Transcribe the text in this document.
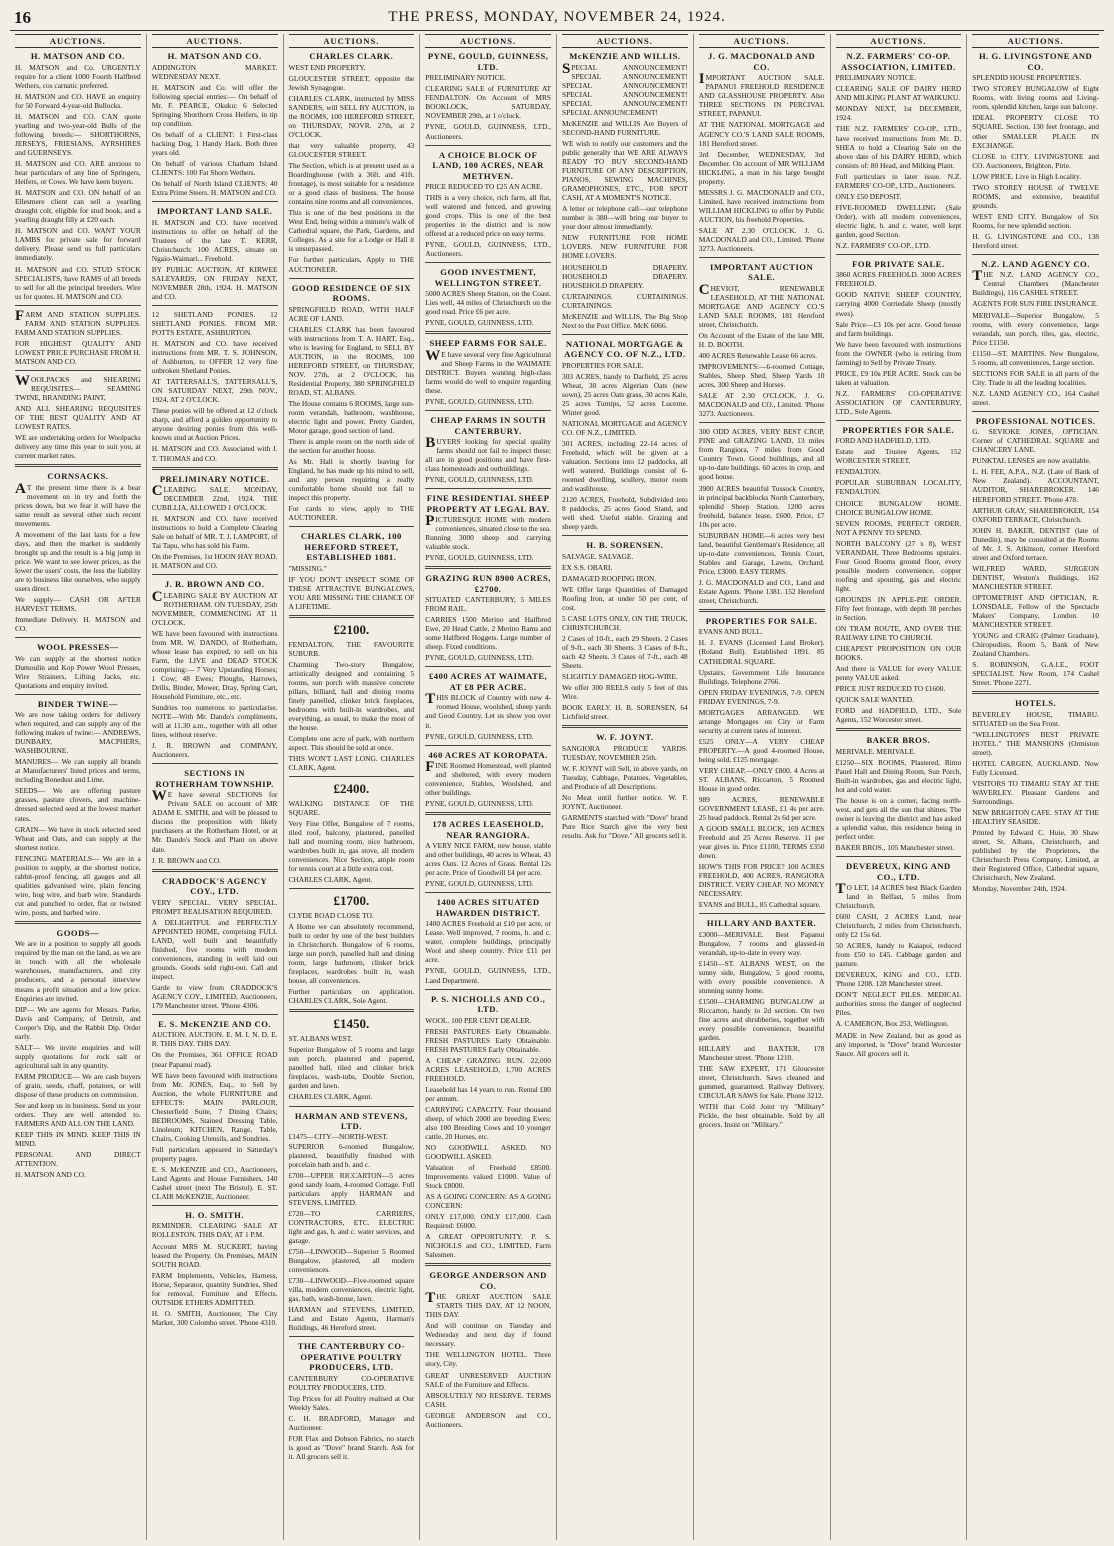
16	THE PRESS, MONDAY, NOVEMBER 24, 1924.
AUCTIONS.
H. MATSON AND CO.

H. MATSON and Co. URGENTLY require for a client 1000 Fourth Halfbred Wethers, cos carnatic preferred.

H. MATSON and CO. HAVE an enquiry for 50 Forward 4-year-old Bullocks.

H. MATSON and CO. CAN quote yearling and two-year-old Bulls of the following breeds:— SHORTHORNS, JERSEYS, FRIESIANS, AYRSHIRES and GUERNSEYS.

H. MATSON and CO. ARE anxious to hear particulars of any line of Springers, Heifers, or Cows. We have keen buyers.

H. MATSON and CO. ON behalf of an Ellesmere client can sell a yearling draught colt, eligible for stud book, and a yearling draught filly at £20 each.

H. MATSON and CO. WANT YOUR LAMBS for private sale for forward delivery. Please send us full particulars immediately.

H. MATSON and CO. STUD STOCK SPECIALISTS, have RAMS of all breeds to sell for all the principal breeders. Wire us for quotes. H. MATSON and CO.

FARM AND STATION SUPPLIES. FARM AND STATION SUPPLIES. FARM AND STATION SUPPLIES.

FOR HIGHEST QUALITY AND LOWEST PRICE PURCHASE FROM H. MATSON AND CO.

WOOLPACKS and SHEARING REQUISITES— SEAMING TWINE, BRANDING PAINT,

AND ALL SHEARING REQUISITES OF THE BEST QUALITY AND AT LOWEST RATES.

WE are undertaking orders for Woolpacks delivery any time this year to suit you, at current market rates.

CORNSACKS.

AT the present time there is a bear movement on in try and forth the prices down, but we fear it will have the same result as several other such recent movements.

A movement of the last lasts for a few days, and then the market is suddenly brought up and the result is a big jump in price. We want to see lower prices, as the lower the users' costs, the less the liability are to business like ourselves, who supply users direct.

We supply— CASH OR AFTER HARVEST TERMS.

Immediate Delivery. H. MATSON and CO.

WOOL PRESSES—

We can supply at the shortest notice Dumoulin and Kop Power Wool Presses, Wire Strainers, Lifting Jacks, etc. Quotations and enquiry invited.

BINDER TWINE—

We are now taking orders for delivery when required, and can supply any of the following makes of twine:— ANDREWS, DUNBARY, MACPHERS, WASHBOURNE.

MANURES— We can supply all brands at Manufacturers' listed prices and terms, including Bonedust and Lime.

SEEDS— We are offering pasture grasses, pasture clovers, and machine-dressed selected seed at the lowest market rates.

GRAIN— We have in stock selected seed Wheat and Oats, and can supply at the shortest notice.

FENCING MATERIALS— We are in a position to supply, at the shortest notice, rabbit-proof fencing, all gauges and all qualities galvanised wire, plain fencing wire, hog wire, and barb wire. Standards cut and punched to order, flat or twisted wire, posts, and barbed wire.

GOODS—

We are in a position to supply all goods required by the man on the land, as we are in touch with all the wholesale warehouses, manufacturers, and city producers, and a personal interview means a profit situation and a low price. Enquiries are invited.

DIP— We are agents for Messrs. Parke, Davis and Company, of Detroit, and Cooper's Dip, and the Rabbit Dip. Order early.

SALT— We invite enquiries and will supply quotations for rock salt or agricultural salt in any quantity.

FARM PRODUCE— We are cash buyers of grain, seeds, chaff, potatoes, or will dispose of these products on commission.

See and keep us in business. Send us your orders. They are well attended to. FARMERS AND ALL ON THE LAND.

KEEP THIS IN MIND. KEEP THIS IN MIND.

PERSONAL AND DIRECT ATTENTION.

H. MATSON AND CO.

AUCTIONS.
H. MATSON AND CO.

ADDINGTON MARKET. WEDNESDAY NEXT.

H. MATSON and Co. will offer the following special entries:— On behalf of Mr. F. PEARCE, Okuku: 6 Selected Springing Shorthorn Cross Heifers, in tip top condition.

On behalf of a CLIENT: 1 First-class backing Dog, 1 Handy Hack. Both three years old.

On behalf of various Chatham Island CLIENTS: 100 Fat Shorn Wethers.

On behalf of North Island CLIENTS: 40 Extra Prime Steers. H. MATSON and CO.

IMPORTANT LAND SALE.

H. MATSON and CO. have received instructions to offer on behalf of the Trustees of the late T. KERR, Christchurch: 100 ACRES, situate on Ngaio-Waimari... Freehold.

BY PUBLIC AUCTION, AT KIRWEE SALEYARDS, ON FRIDAY NEXT, NOVEMBER 28th, 1924. H. MATSON and CO.

12 SHETLAND PONIES. 12 SHETLAND PONIES. FROM MR. POTTS ESTATE, ASHBURTON.

H. MATSON and CO. have received instructions from MR. T. S. JOHNSON, of Ashburton, to OFFER 12 very fine unbroken Shetland Ponies.

AT TATTERSALL'S, TATTERSALL'S, ON SATURDAY NEXT, 29th NOV., 1924, AT 2 O'CLOCK.

These ponies will be offered at 12 o'clock sharp, and afford a golden opportunity to anyone desiring ponies from this well-known stud at Auction Prices.

H. MATSON and CO. Associated with J. T. THOMAS and CO.

PRELIMINARY NOTICE.

CLEARING SALE. MONDAY, DECEMBER 22nd, 1924. THE CUBILLIA, ALLOWED 1 O'CLOCK.

H. MATSON and CO. have received instructions to hold a Complete Clearing Sale on behalf of MR. T. J. LAMPORT, of Tai Tapu, who has sold his Farm.

On the Premises, 1st HOON HAY ROAD. H. MATSON and CO.

J. R. BROWN AND CO.

CLEARING SALE BY AUCTION AT ROTHERHAM. ON TUESDAY, 25th NOVEMBER, COMMENCING AT 11 O'CLOCK.

WE have been favoured with instructions from MR. W. DANDO, of Rotherham, whose lease has expired, to sell on his Farm, the LIVE and DEAD STOCK comprising:— 7 Very Upstanding Horses; 1 Cow; 48 Ewes; Ploughs, Harrows, Drills, Binder, Mower, Dray, Spring Cart, Household Furniture, etc., etc.

Sundries too numerous to particularise. NOTE—With Mr. Dando's compliments, will at 11.30 a.m., together with all other lines, without reserve.

J. R. BROWN and COMPANY, Auctioneers.

SECTIONS IN ROTHERHAM TOWNSHIP.

WE have several SECTIONS for Private SALE on account of MR ADAM E. SMITH, and will be pleased to discuss the proposition with likely purchasers at the Rotherham Hotel, or at Mr. Dando's Stock and Plant on above date.

J. R. BROWN and CO.

CRADDOCK'S AGENCY COY., LTD.

VERY SPECIAL. VERY SPECIAL. PROMPT REALISATION REQUIRED.

A DELIGHTFUL and PERFECTLY APPOINTED HOME, comprising FULL LAND, well built and beautifully finished, five rooms with modern conveniences, standing in well laid out grounds. Goods sold right-out. Call and inspect.

Garde to view from CRADDOCK'S AGENCY COY., LIMITED, Auctioneers, 179 Manchester street. 'Phone 4306.

E. S. McKENZIE AND CO.

AUCTION. AUCTION. E. M. I. N. D. E. R. THIS DAY. THIS DAY.

On the Premises, 361 OFFICE ROAD (near Papanui road).

WE have been favoured with instructions from Mr. JONES, Esq., to Sell by Auction, the whole FURNITURE and EFFECTS: MAIN PARLOUR, Chesterfield Suite, 7 Dining Chairs; BEDROOMS, Stained Dressing Table, Linoleum; KITCHEN, Range, Table, Chairs, Cooking Utensils, and Sundries.

Full particulars appeared in Saturday's property pages.

E. S. McKENZIE and CO., Auctioneers, Land Agents and House Furnishers, 140 Cashel street (next The Bristol). E. ST. CLAIR McKENZIE, Auctioneer.

H. O. SMITH.

REMINDER. CLEARING SALE AT ROLLESTON. THIS DAY, AT 1 P.M.

Account MRS M. SUCKERT, having leased the Property. On Premises, MAIN SOUTH ROAD.

FARM Implements, Vehicles, Harness, Horse, Separator, quantity Sundries, Shed for removal, Furniture and Effects. OUTSIDE ETHERS ADMITTED.

H. O. SMITH, Auctioneer, The City Market, 300 Colombo street. 'Phone 4310.

AUCTIONS.
CHARLES CLARK.

WEST END PROPERTY.

GLOUCESTER STREET, opposite the Jewish Synagogue.

CHARLES CLARK, instructed by MISS SANDERS, will SELL BY AUCTION, in the ROOMS, 100 HEREFORD STREET, on THURSDAY, NOVR. 27th, at 2 O'CLOCK.

that very valuable property, 43 GLOUCESTER STREET.

The Section, which is at present used as a Boardinghouse (with a 36ft. and 41ft. frontage), is most suitable for a residence or a good class of business. The house contains nine rooms and all conveniences.

This is one of the best positions in the West End, being within a minute's walk of Cathedral square, the Park, Gardens, and Colleges. As a site for a Lodge or Hall it is unsurpassed.

For further particulars, Apply to THE AUCTIONEER.

GOOD RESIDENCE OF SIX ROOMS.

SPRINGFIELD ROAD, WITH HALF ACRE OF LAND.

CHARLES CLARK has been favoured with instructions from T. A. HART, Esq., who is leaving for England, to SELL BY AUCTION, in the ROOMS, 100 HEREFORD STREET, on THURSDAY, NOV. 27th, at 2 O'CLOCK, his Residential Property, 380 SPRINGFIELD ROAD, ST. ALBANS.

The House contains 6 ROOMS, large sun-room verandah, bathroom, washhouse, electric light and power. Pretty Garden, Motor garage, good section of land.

There is ample room on the north side of the section for another house.

As Mr. Hall is shortly leaving for England, he has made up his mind to sell, and any person requiring a really comfortable home should not fail to inspect this property.

For cards to view, apply to THE AUCTIONEER.

CHARLES CLARK, 100 HEREFORD STREET, ESTABLISHED 1881.

"MISSING."

IF YOU DON'T INSPECT SOME OF THESE ATTRACTIVE BUNGALOWS, YOU ARE MISSING THE CHANCE OF A LIFETIME.

£2100.

FENDALTON, THE FAVOURITE SUBURB.

Charming Two-story Bungalow, artistically designed and containing 5 rooms, sun porch with massive concrete pillars, billiard, hall and dining rooms finely panelled, clinker brick fireplaces, bedrooms with built-in wardrobes, and everything, as usual, to make the most of the house.

Complete one acre of park, with northern aspect. This should be sold at once.

THIS WON'T LAST LONG. CHARLES CLARK, Agent.

£2400.

WALKING DISTANCE OF THE SQUARE.

Very Fine Offer, Bungalow of 7 rooms, tiled roof, balcony, plastered, panelled hall and morning room, nice bathroom, wardrobes built in, gas stove, all modern conveniences. Nice Section, ample room for tennis court at a little extra cost.

CHARLES CLARK, Agent.

£1700.

CLYDE ROAD CLOSE TO.

A Home we can absolutely recommend, built to order by one of the best builders in Christchurch. Bungalow of 6 rooms, large sun porch, panelled hall and dining room, large bathroom, clinker brick fireplaces, wardrobes built in, wash house, all conveniences.

Further particulars on application. CHARLES CLARK, Sole Agent.

£1450.

ST. ALBANS WEST.

Superior Bungalow of 5 rooms and large sun porch, plastered and papered, panelled hall, tiled and clinker brick fireplaces, wash-tubs, Double Section, garden and lawn.

CHARLES CLARK, Agent.

HARMAN AND STEVENS, LTD.

£1475—CITY—NORTH-WEST. SUPERIOR 6-roomed Bungalow, plastered, beautifully finished with porcelain bath and h. and c.

£700—UPPER RICCARTON—5 acres good sandy loam, 4-roomed Cottage. Full particulars apply HARMAN and STEVENS, LIMITED.

£720—TO CARRIERS, CONTRACTORS, ETC. ELECTRIC light and gas, h. and c. water services, and garage.

£750—LINWOOD—Superior 5 Roomed Bungalow, plastered, all modern conveniences.

£730—LINWOOD—Five-roomed square villa, modern conveniences, electric light, gas, bath, wash-house, lawn.

HARMAN and STEVENS, LIMITED, Land and Estate Agents, Harman's Buildings, 46 Hereford street.

THE CANTERBURY CO-OPERATIVE POULTRY PRODUCERS, LTD.

CANTERBURY CO-OPERATIVE POULTRY PRODUCERS, LTD.

Top Prices for all Poultry realised at Our Weekly Sales.

C. H. BRADFORD, Manager and Auctioneer.

FOR Flax and Dobson Fabrics, no starch is good as "Dove" brand Starch. Ask for it. All grocers sell it.

AUCTIONS.
PYNE, GOULD, GUINNESS, LTD.

PRELIMINARY NOTICE.

CLEARING SALE of FURNITURE AT FENDALTON. On Account of MRS BOOKLOCK, SATURDAY, NOVEMBER 29th, at 1 o'clock.

PYNE, GOULD, GUINNESS, LTD., Auctioneers.

A CHOICE BLOCK OF LAND, 100 ACRES, NEAR METHVEN.

PRICE REDUCED TO £25 AN ACRE.

THIS is a very choice, rich farm, all flat, well watered and fenced, and growing good crops. This is one of the best properties in the district and is now offered at a reduced price on easy terms.

PYNE, GOULD, GUINNESS, LTD., Auctioneers.

GOOD INVESTMENT, WELLINGTON STREET.

5000 ACRES Sheep Station, on the Coast. Lies well, 44 miles of Christchurch on the good road. Price £6 per acre.

PYNE, GOULD, GUINNESS, LTD.

SHEEP FARMS FOR SALE.

WE have several very fine Agricultural and Sheep Farms in the WAIMATE DISTRICT. Buyers wanting high-class farms would do well to enquire regarding these.

PYNE, GOULD, GUINNESS, LTD.

CHEAP FARMS IN SOUTH CANTERBURY.

BUYERS looking for special quality farms should not fail to inspect these; all are in good positions and have first-class homesteads and outbuildings.

PYNE, GOULD, GUINNESS, LTD.

FINE RESIDENTIAL SHEEP PROPERTY AT LEGAL BAY.

PICTURESQUE HOME with modern conveniences, situated close to the sea. Running 3000 sheep and carrying valuable stock.

PYNE, GOULD, GUINNESS, LTD.

GRAZING RUN 8900 ACRES, £2700.

SITUATED CANTERBURY, 5 MILES FROM RAIL.

CARRIES 1500 Merino and Halfbred Ewe, 20 Head Cattle, 2 Merino Rams and some Halfbred Hoggets. Large number of sheep. Fixed conditions.

PYNE, GOULD, GUINNESS, LTD.

£400 ACRES AT WAIMATE, AT £8 PER ACRE.

THIS BLOCK of Country with new 4-roomed House, woolshed, sheep yards and Good Country. Let us show you over it.

PYNE, GOULD, GUINNESS, LTD.

460 ACRES AT KOROPATA.

FINE Roomed Homestead, well planted and sheltered, with every modern convenience, Stables, Woolshed, and other buildings.

PYNE, GOULD, GUINNESS, LTD.

178 ACRES LEASEHOLD, NEAR RANGIORA.

A VERY NICE FARM, new house, stable and other buildings, 40 acres in Wheat, 43 acres Oats. 12 Acres of Grass. Rental 12s per acre. Price of Goodwill £4 per acre.

PYNE, GOULD, GUINNESS, LTD.

1400 ACRES SITUATED HAWARDEN DISTRICT.

1400 ACRES Freehold at £10 per acre, or Lease. Well improved, 7 rooms, h. and c. water, complete buildings, principally Wool and sheep country. Price £11 per acre.

PYNE, GOULD, GUINNESS, LTD., Land Department.

P. S. NICHOLLS AND CO., LTD.

WOOL. 100 PER CENT DEALER.

FRESH PASTURES Early Obtainable. FRESH PASTURES Early Obtainable. FRESH PASTURES Early Obtainable.

A CHEAP GRAZING RUN. 22,000 ACRES LEASEHOLD, 1,700 ACRES FREEHOLD.

Leasehold has 14 years to run. Rental £80 per annum.

CARRYING CAPACITY. Four thousand sheep, of which 2000 are breeding Ewes; also 100 Breeding Cows and 10 younger cattle, 20 Horses, etc.

NO GOODWILL ASKED. NO GOODWILL ASKED.

Valuation of Freehold £8500. Improvements valued £1000. Value of Stock £8000.

AS A GOING CONCERN: AS A GOING CONCERN:

ONLY £17,000. ONLY £17,000. Cash Required: £6000.

A GREAT OPPORTUNITY. P. S. NICHOLLS and CO., LIMITED, Farm Salesmen.

GEORGE ANDERSON AND CO.

THE GREAT AUCTION SALE STARTS THIS DAY, AT 12 NOON, THIS DAY.

And will continue on Tuesday and Wednesday and next day if found necessary.

THE WELLINGTON HOTEL. Three story, City.

GREAT UNRESERVED AUCTION SALE of the Furniture and Effects.

ABSOLUTELY NO RESERVE. TERMS CASH.

GEORGE ANDERSON and CO., Auctioneers.

AUCTIONS.
McKENZIE AND WILLIS.

SPECIAL ANNOUNCEMENT! SPECIAL ANNOUNCEMENT! SPECIAL ANNOUNCEMENT! SPECIAL ANNOUNCEMENT! SPECIAL ANNOUNCEMENT! SPECIAL ANNOUNCEMENT!

McKENZIE and WILLIS Are Buyers of SECOND-HAND FURNITURE.

WE wish to notify our customers and the public generally that WE ARE ALWAYS READY TO BUY SECOND-HAND FURNITURE OF ANY DESCRIPTION, PIANOS, SEWING MACHINES, GRAMOPHONES, ETC., FOR SPOT CASH, AT A MOMENT'S NOTICE.

A letter or telephone call—our telephone number is 380—will bring our buyer to your door almost immediately.

NEW FURNITURE FOR HOME LOVERS. NEW FURNITURE FOR HOME LOVERS.

HOUSEHOLD DRAPERY. HOUSEHOLD DRAPERY. HOUSEHOLD DRAPERY.

CURTAININGS. CURTAININGS. CURTAININGS.

McKENZIE and WILLIS, The Big Shop Next to the Post Office. McK 6066.

NATIONAL MORTGAGE & AGENCY CO. OF N.Z., LTD.

PROPERTIES FOR SALE.

303 ACRES, handy to Darfield, 25 acres Wheat, 30 acres Algerian Oats (new sown), 25 acres Oats grass, 30 acres Kale, 25 acres Turnips, 52 acres Lucerne. Winter good.

NATIONAL MORTGAGE and AGENCY CO. OF N.Z., LIMITED.

301 ACRES, including 22-14 acres of Freehold, which will be given at a valuation. Sections into 12 paddocks, all well watered. Buildings consist of 6-roomed dwelling, scullery, motor room and washhouse.

2120 ACRES, Freehold, Subdivided into 8 paddocks, 25 acres Good Stand, and well shed. Useful stable. Grazing and sheep yards.

H. B. SORENSEN.

SALVAGE. SALVAGE.

EX S.S. OBARI.

DAMAGED ROOFING IRON.

WE Offer large Quantities of Damaged Roofing Iron, at under 50 per cent, of cost.

5 CASE LOTS ONLY, ON THE TRUCK, CHRISTCHURCH.

2 Cases of 10-ft., each 29 Sheets. 2 Cases of 9-ft., each 30 Sheets. 3 Cases of 8-ft., each 42 Sheets. 3 Cases of 7-ft., each 48 Sheets.

SLIGHTLY DAMAGED HOG-WIRE.

We offer 300 REELS only 5 feet of this Wire.

BOOK EARLY. H. B. SORENSEN, 64 Lichfield street.

W. F. JOYNT.

SANGIORA PRODUCE YARDS. TUESDAY, NOVEMBER 25th.

W. F. JOYNT will Sell, in above yards, on Tuesday, Cabbage, Potatoes, Vegetables, and Produce of all Descriptions.

No Meat until further notice. W. F. JOYNT, Auctioneer.

GARMENTS starched with "Dove" brand Pure Rice Starch give the very best results. Ask for "Dove." All grocers sell it.

AUCTIONS.
J. G. MACDONALD AND CO.

IMPORTANT AUCTION SALE. PAPANUI FREEHOLD RESIDENCE AND GLASSHOUSE PROPERTY. Also THREE SECTIONS IN PERCIVAL STREET, PAPANUI.

AT THE NATIONAL MORTGAGE and AGENCY CO.'S LAND SALE ROOMS, 181 Hereford street.

3rd December, WEDNESDAY, 3rd December. On account of MR WILLIAM HICKLING, a man in his large bought property.

MESSRS J. G. MACDONALD and CO., Limited, have received instructions from WILLIAM HICKLING to offer by Public AUCTION, his freehold Properties.

SALE AT 2.30 O'CLOCK. J. G. MACDONALD and CO., Limited. 'Phone 3273. Auctioneers.

IMPORTANT AUCTION SALE.

CHEVIOT, RENEWABLE LEASEHOLD, AT THE NATIONAL MORTGAGE AND AGENCY CO.'S LAND SALE ROOMS, 181 Hereford street, Christchurch.

On Account of the Estate of the late MR. H. D. BOOTH.

400 ACRES Renewable Lease 66 acres.

IMPROVEMENTS:—6-roomed Cottage, Stables, Sheep Shed, Sheep Yards 10 acres, 300 Sheep and Horses.

SALE AT 2.30 O'CLOCK. J. G. MACDONALD and CO., Limited. 'Phone 3273. Auctioneers.

300 ODD ACRES, VERY BEST CROP, PINE and GRAZING LAND, 13 miles from Rangiora, 7 miles from Good Country Town. Good buildings, and all up-to-date buildings. 60 acres in crop, and good house.

3900 ACRES beautiful Tussock Country, in principal backblocks North Canterbury, splendid Sheep Station. 1200 acres freehold, balance lease, £600. Price, £7 10s per acre.

SUBURBAN HOME—6 acres very best land, beautiful Gentleman's Residence; all up-to-date conveniences, Tennis Court, Stables and Garage, Lawns, Orchard. Price, £3000. EASY TERMS.

J. G. MACDONALD and CO., Land and Estate Agents. 'Phone 1381. 152 Hereford street, Christchurch.

PROPERTIES FOR SALE.

EVANS AND BULL.

H. J. EVANS (Licensed Land Broker). (Roland Bull). Established 1891. 85 CATHEDRAL SQUARE.

Upstairs, Government Life Insurance Buildings. Telephone 2766.

OPEN FRIDAY EVENINGS, 7-9. OPEN FRIDAY EVENINGS, 7-9.

MORTGAGES ARRANGED. WE arrange Mortgages on City or Farm security at current rates of interest.

£525 ONLY—A VERY CHEAP PROPERTY.—A good 4-roomed House, being sold, £125 mortgage.

VERY CHEAP.—ONLY £800. 4 Acres at ST. ALBANS, Riccarton, 5 Roomed House in good order.

989 ACRES, RENEWABLE GOVERNMENT LEASE, £1 4s per acre. 25 head paddock. Rental 2s 6d per acre.

A GOOD SMALL BLOCK, 169 ACRES Freehold and 25 Acres Reserve. 11 per year gives in. Price £1100, TERMS £350 down.

HOW'S THIS FOR PRICE? 100 ACRES FREEHOLD, 400 ACRES, RANGIORA DISTRICT. VERY CHEAP. NO MONEY NECESSARY.

EVANS and BULL, 85 Cathedral square.

HILLARY AND BAXTER.

£3000—MERIVALE. Best Papanui Bungalow, 7 rooms and glassed-in verandah, up-to-date in every way.

£1450—ST. ALBANS WEST, on the sunny side, Bungalow, 5 good rooms, with every possible convenience. A stunning sunny home.

£1500—CHARMING BUNGALOW at Riccarton, handy to 2d section. On two fine acres and shrubberies, together with every possible convenience, beautiful garden.

HILLARY and BAXTER, 178 Manchester street. 'Phone 1210.

THE SAW EXPERT, 171 Gloucester street, Christchurch. Saws cleaned and gummed, guaranteed. Railway Delivery. CIRCULAR SAWS for Sale. Phone 3212.

WITH that Cold Joint try "Military" Pickle, the best obtainable. Sold by all grocers. Insist on "Military."

AUCTIONS.
N.Z. FARMERS' CO-OP. ASSOCIATION, LIMITED.

PRELIMINARY NOTICE.

CLEARING SALE OF DAIRY HERD AND MILKING PLANT AT WAIKUKU.

MONDAY NEXT, 1st DECEMBER, 1924.

THE N.Z. FARMERS' CO-OP., LTD., have received instructions from Mr. D. SHEA to hold a Clearing Sale on the above date of his DAIRY HERD, which consists of: 80 Head, and Milking Plant.

Full particulars in later issue. N.Z. FARMERS' CO-OP., LTD., Auctioneers.

ONLY £50 DEPOSIT.

FIVE-ROOMED DWELLING (Sale Order), with all modern conveniences, electric light, h. and c. water, well kept garden, good Section.

N.Z. FARMERS' CO-OP., LTD.

FOR PRIVATE SALE.

3860 ACRES FREEHOLD. 3000 ACRES FREEHOLD.

GOOD NATIVE SHEEP COUNTRY, carrying 4000 Corriedale Sheep (mostly ewes).

Sale Price—£3 10s per acre. Good house and farm buildings.

We have been favoured with instructions from the OWNER (who is retiring from farming) to Sell by Private Treaty.

PRICE, £9 10s PER ACRE. Stock can be taken at valuation.

N.Z. FARMERS' CO-OPERATIVE ASSOCIATION OF CANTERBURY, LTD., Sole Agents.

PROPERTIES FOR SALE.

FORD AND HADFIELD, LTD.

Estate and Trustee Agents, 152 WORCESTER STREET.

FENDALTON.

POPULAR SUBURBAN LOCALITY, FENDALTON.

CHOICE BUNGALOW HOME. CHOICE BUNGALOW HOME.

SEVEN ROOMS, PERFECT ORDER. NOT A PENNY TO SPEND.

NORTH BALCONY (27 x 8), WEST VERANDAH, Three Bedrooms upstairs. Four Good Rooms ground floor, every possible modern convenience, copper roofing and spouting, gas and electric light.

GROUNDS IN APPLE-PIE ORDER. Fifty feet frontage, with depth 38 perches in Section.

ON TRAM ROUTE, AND OVER THE RAILWAY LINE TO CHURCH.

CHEAPEST PROPOSITION ON OUR BOOKS.

And there is VALUE for every VALUE penny VALUE asked.

PRICE JUST REDUCED TO £1600.

QUICK SALE WANTED.

FORD and HADFIELD, LTD., Sole Agents, 152 Worcester street.

BAKER BROS.

MERIVALE. MERIVALE.

£1250—SIX ROOMS, Plastered, Rimu Panel Hall and Dining Room, Sun Porch, Built-in wardrobes, gas and electric light, hot and cold water.

The house is on a corner, facing north-west, and gets all the sun that shines. The owner is leaving the district and has asked a splendid value, this residence being in perfect order.

BAKER BROS., 105 Manchester street.

DEVEREUX, KING AND CO., LTD.

TO LET, 14 ACRES best Black Garden land in Belfast, 5 miles from Christchurch.

£600 CASH, 2 ACRES Land, near Christchurch, 2 miles from Christchurch, only £2 15s 6d.

50 ACRES, handy to Kaiapoi, reduced from £50 to £45. Cabbage garden and pasture.

DEVEREUX, KING and CO., LTD. 'Phone 1208. 128 Manchester street.

DON'T NEGLECT PILES. MEDICAL authorities stress the danger of neglected Piles.

A. CAMERON, Box 253, Wellington.

MADE in New Zealand, but as good as any imported, is "Dove" brand Worcester Sauce. All grocers sell it.

AUCTIONS.
H. G. LIVINGSTONE AND CO.

SPLENDID HOUSE PROPERTIES.

TWO STOREY BUNGALOW of Eight Rooms, with living rooms and Living-room, splendid kitchen, large sun balcony.

IDEAL PROPERTY CLOSE TO SQUARE. Section, 130 feet frontage, and other SMALLER PLACE IN EXCHANGE.

CLOSE to CITY. LIVINGSTONE and CO. Auctioneers, Brighton, Pirie.

LOW PRICE. Live in High Locality.

TWO STOREY HOUSE of TWELVE ROOMS, and extensive, beautiful grounds.

WEST END CITY. Bungalow of Six Rooms, for new splendid section.

H. G. LIVINGSTONE and CO., 138 Hereford street.

N.Z. LAND AGENCY CO.

THE N.Z. LAND AGENCY CO., Central Chambers (Manchester Buildings), 116 CASHEL STREET.

AGENTS FOR SUN FIRE INSURANCE.

MERIVALE—Superior Bungalow, 5 rooms, with every convenience, large verandah, sun porch, tiles, gas, electric, Price £1150.

£1150—ST. MARTINS. New Bungalow, 5 rooms, all conveniences, Large section.

SECTIONS FOR SALE in all parts of the City. Trade in all the leading localities.

N.Z. LAND AGENCY CO., 164 Cashel street.

PROFESSIONAL NOTICES.

G. SEVIOKE JONES, OPTICIAN. Corner of CATHEDRAL SQUARE and CHANCERY LANE.

PUNKTAL LENSES are now available.

L. H. FEE, A.P.A., N.Z. (Late of Bank of New Zealand). ACCOUNTANT, AUDITOR, SHAREBROKER. 146 HEREFORD STREET. 'Phone 478.

ARTHUR GRAY, SHAREBROKER, 154 OXFORD TERRACE, Christchurch.

JOHN H. BAKER, DENTIST (late of Dunedin), may be consulted at the Rooms of Mr. J. S. Atkinson, corner Hereford street and Oxford terrace.

WILFRED WARD, SURGEON DENTIST, Weston's Buildings, 162 MANCHESTER STREET.

OPTOMETRIST AND OPTICIAN, R. LONSDALE, Fellow of the Spectacle Makers' Company, London. 10 MANCHESTER STREET.

YOUNG and CRAIG (Palmer Graduate), Chiropodists, Room 5, Bank of New Zealand Chambers.

S. ROBINSON, G.A.I.E., FOOT SPECIALIST. New Room, 174 Cashel Street. 'Phone 2271.

HOTELS.

BEVERLEY HOUSE, TIMARU. SITUATED on the Sea Front.

"WELLINGTON'S BEST PRIVATE HOTEL." THE MANSIONS (Ormiston street).

HOTEL CARGEN, AUCKLAND. Now Fully Licensed.

VISITORS TO TIMARU STAY AT THE WAVERLEY. Pleasant Gardens and Surroundings.

NEW BRIGHTON CAFE. STAY AT THE HEALTHY SEASIDE.

Printed by Edward C. Huie, 30 Shaw street, St. Albans, Christchurch, and published by the Proprietors, the Christchurch Press Company, Limited, at their Registered Office, Cathedral square, Christchurch, New Zealand.

Monday, November 24th, 1924.
